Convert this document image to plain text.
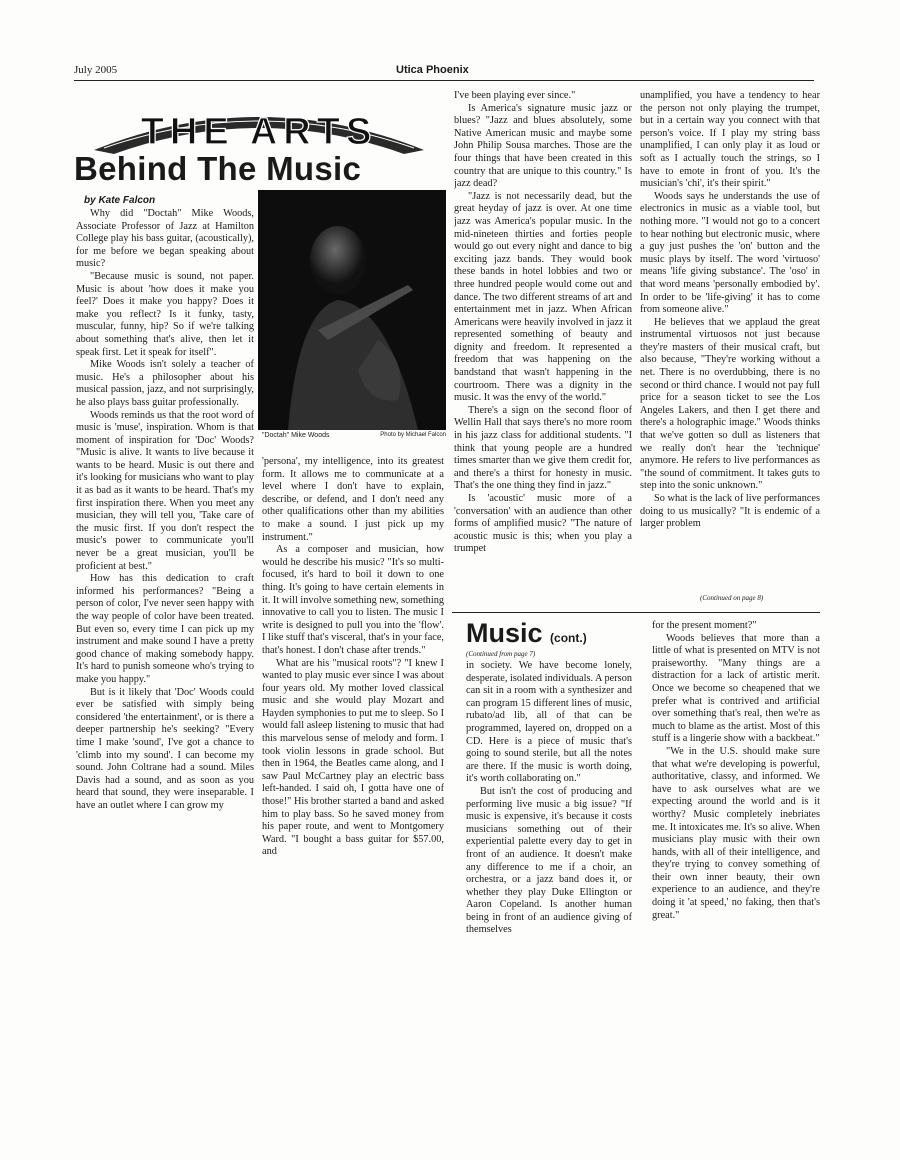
July 2005	Utica Phoenix
THE ARTS
Behind The Music
by Kate Falcon
"Doctah" Mike Woods	Photo by Michael Falcon

Why did "Doctah" Mike Woods, Associate Professor of Jazz at Hamilton College play his bass guitar, (acoustically), for me before we began speaking about music?

"Because music is sound, not paper. Music is about 'how does it make you feel?' Does it make you happy? Does it make you reflect? Is it funky, tasty, muscular, funny, hip? So if we're talking about something that's alive, then let it speak first. Let it speak for itself".

Mike Woods isn't solely a teacher of music. He's a philosopher about his musical passion, jazz, and not surprisingly, he also plays bass guitar professionally.

Woods reminds us that the root word of music is 'muse', inspiration. Whom is that moment of inspiration for 'Doc' Woods? "Music is alive. It wants to live because it wants to be heard. Music is out there and it's looking for musicians who want to play it as bad as it wants to be heard. That's my first inspiration there. When you meet any musician, they will tell you, 'Take care of the music first. If you don't respect the music's power to communicate you'll never be a great musician, you'll be proficient at best."

How has this dedication to craft informed his performances? "Being a person of color, I've never seen happy with the way people of color have been treated. But even so, every time I can pick up my instrument and make sound I have a pretty good chance of making somebody happy. It's hard to punish someone who's trying to make you happy."

But is it likely that 'Doc' Woods could ever be satisfied with simply being considered 'the entertainment', or is there a deeper partnership he's seeking? "Every time I make 'sound', I've got a chance to 'climb into my sound'. I can become my sound. John Coltrane had a sound. Miles Davis had a sound, and as soon as you heard that sound, they were inseparable. I have an outlet where I can grow my

'persona', my intelligence, into its greatest form. It allows me to communicate at a level where I don't have to explain, describe, or defend, and I don't need any other qualifications other than my abilities to make a sound. I just pick up my instrument."

As a composer and musician, how would he describe his music? "It's so multi-focused, it's hard to boil it down to one thing. It's going to have certain elements in it. It will involve something new, something innovative to call you to listen. The music I write is designed to pull you into the 'flow'. I like stuff that's visceral, that's in your face, that's honest. I don't chase after trends."

What are his "musical roots"? "I knew I wanted to play music ever since I was about four years old. My mother loved classical music and she would play Mozart and Hayden symphonies to put me to sleep. So I would fall asleep listening to music that had this marvelous sense of melody and form. I took violin lessons in grade school. But then in 1964, the Beatles came along, and I saw Paul McCartney play an electric bass left-handed. I said oh, I gotta have one of those!" His brother started a band and asked him to play bass. So he saved money from his paper route, and went to Montgomery Ward. "I bought a bass guitar for $57.00, and

I've been playing ever since."

Is America's signature music jazz or blues? "Jazz and blues absolutely, some Native American music and maybe some John Philip Sousa marches. Those are the four things that have been created in this country that are unique to this country." Is jazz dead?

"Jazz is not necessarily dead, but the great heyday of jazz is over. At one time jazz was America's popular music. In the mid-nineteen thirties and forties people would go out every night and dance to big exciting jazz bands. They would book these bands in hotel lobbies and two or three hundred people would come out and dance. The two different streams of art and entertainment met in jazz. When African Americans were heavily involved in jazz it represented something of beauty and dignity and freedom. It represented a freedom that was happening on the bandstand that wasn't happening in the courtroom. There was a dignity in the music. It was the envy of the world."

There's a sign on the second floor of Wellin Hall that says there's no more room in his jazz class for additional students. "I think that young people are a hundred times smarter than we give them credit for, and there's a thirst for honesty in music. That's the one thing they find in jazz."

Is 'acoustic' music more of a 'conversation' with an audience than other forms of amplified music? "The nature of acoustic music is this; when you play a trumpet

unamplified, you have a tendency to hear the person not only playing the trumpet, but in a certain way you connect with that person's voice. If I play my string bass unamplified, I can only play it as loud or soft as I actually touch the strings, so I have to emote in front of you. It's the musician's 'chi', it's their spirit."

Woods says he understands the use of electronics in music as a viable tool, but nothing more. "I would not go to a concert to hear nothing but electronic music, where a guy just pushes the 'on' button and the music plays by itself. The word 'virtuoso' means 'life giving substance'. The 'oso' in that word means 'personally embodied by'. In order to be 'life-giving' it has to come from someone alive."

He believes that we applaud the great instrumental virtuosos not just because they're masters of their musical craft, but also because, "They're working without a net. There is no overdubbing, there is no second or third chance. I would not pay full price for a season ticket to see the Los Angeles Lakers, and then I get there and there's a holographic image." Woods thinks that we've gotten so dull as listeners that we really don't hear the 'technique' anymore. He refers to live performances as "the sound of commitment. It takes guts to step into the sonic unknown."

So what is the lack of live performances doing to us musically? "It is endemic of a larger problem

(Continued on page 8)
Music (cont.)
(Continued from page 7)

in society. We have become lonely, desperate, isolated individuals. A person can sit in a room with a synthesizer and can program 15 different lines of music, rubato/ad lib, all of that can be programmed, layered on, dropped on a CD. Here is a piece of music that's going to sound sterile, but all the notes are there. If the music is worth doing, it's worth collaborating on."

But isn't the cost of producing and performing live music a big issue? "If music is expensive, it's because it costs musicians something out of their experiential palette every day to get in front of an audience. It doesn't make any difference to me if a choir, an orchestra, or a jazz band does it, or whether they play Duke Ellington or Aaron Copeland. Is another human being in front of an audience giving of themselves

for the present moment?"

Woods believes that more than a little of what is presented on MTV is not praiseworthy. "Many things are a distraction for a lack of artistic merit. Once we become so cheapened that we prefer what is contrived and artificial over something that's real, then we're as much to blame as the artist. Most of this stuff is a lingerie show with a backbeat."

"We in the U.S. should make sure that what we're developing is powerful, authoritative, classy, and informed. We have to ask ourselves what are we expecting around the world and is it worthy? Music completely inebriates me. It intoxicates me. It's so alive. When musicians play music with their own hands, with all of their intelligence, and they're trying to convey something of their own inner beauty, their own experience to an audience, and they're doing it 'at speed,' no faking, then that's great."
